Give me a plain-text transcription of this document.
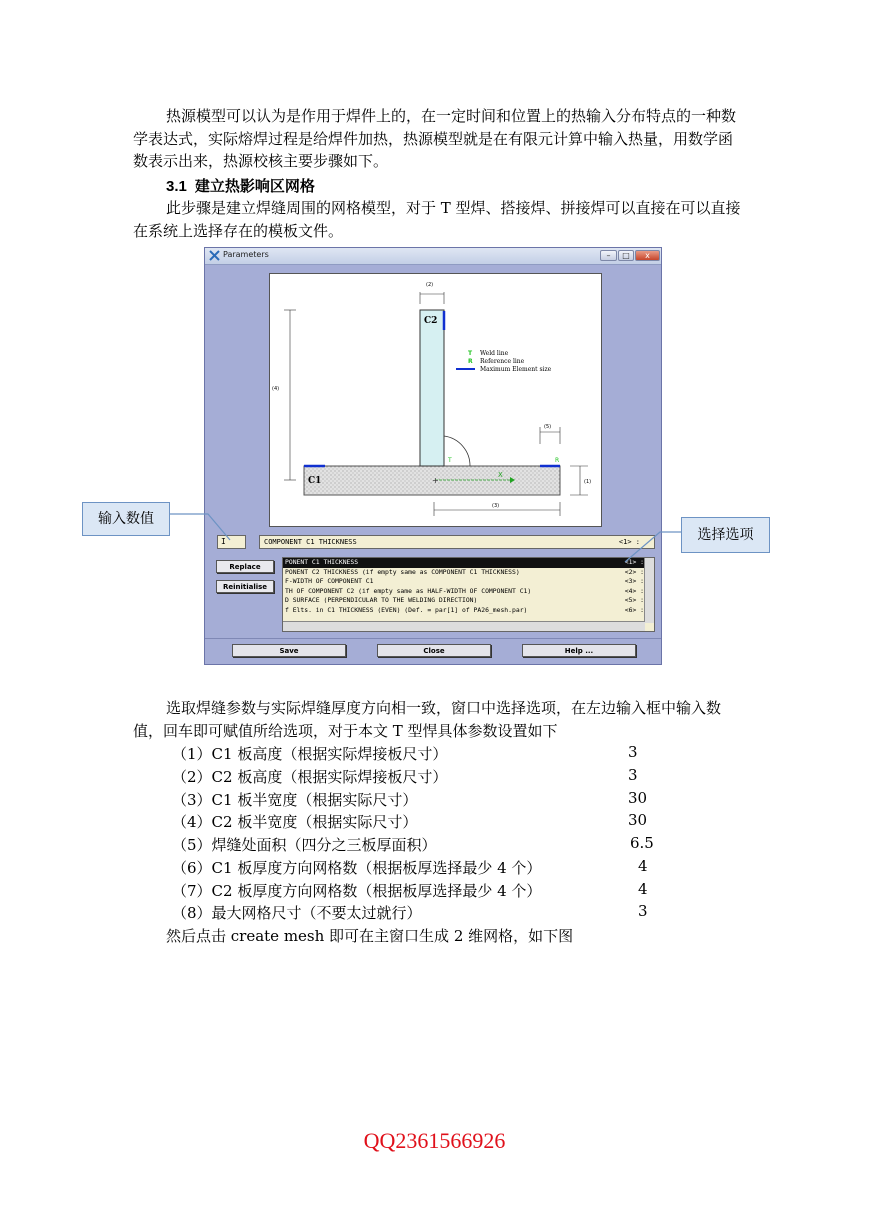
热源模型可以认为是作用于焊件上的，在一定时间和位置上的热输入分布特点的一种数学表达式，实际熔焊过程是给焊件加热，热源模型就是在有限元计算中输入热量，用数学函数表示出来，热源校核主要步骤如下。
3.1 建立热影响区网格
此步骤是建立焊缝周围的网格模型，对于 T 型焊、搭接焊、拼接焊可以直接在可以直接在系统上选择存在的模板文件。
Parameters	–	□	x
X
+
C2
C1
T	R
(2)
(4)
(5)
(1)
(3)
T Weld line
R Reference line
Maximum Element size
I	COMPONENT C1 THICKNESS	<1> :
Replace
Reinitialise
PONENT C1 THICKNESS	<1> :
PONENT C2 THICKNESS (if empty same as COMPONENT C1 THICKNESS)	<2> :
F-WIDTH OF COMPONENT C1	<3> :
TH OF COMPONENT C2 (if empty same as HALF-WIDTH OF COMPONENT C1)	<4> :
D SURFACE (PERPENDICULAR TO THE WELDING DIRECTION)	<5> :
f Elts. in C1 THICKNESS (EVEN) (Def. = par[1] of PA26_mesh.par)	<6> :
Save	Close	Help ...
输入数值
选择选项
选取焊缝参数与实际焊缝厚度方向相一致，窗口中选择选项，在左边输入框中输入数值，回车即可赋值所给选项，对于本文 T 型悍具体参数设置如下
（1）C1 板高度（根据实际焊接板尺寸）	3
（2）C2 板高度（根据实际焊接板尺寸）	3
（3）C1 板半宽度（根据实际尺寸）	30
（4）C2 板半宽度（根据实际尺寸）	30
（5）焊缝处面积（四分之三板厚面积）	6.5
（6）C1 板厚度方向网格数（根据板厚选择最少 4 个）	4
（7）C2 板厚度方向网格数（根据板厚选择最少 4 个）	4
（8）最大网格尺寸（不要太过就行）	3
然后点击 create mesh 即可在主窗口生成 2 维网格，如下图
QQ2361566926
